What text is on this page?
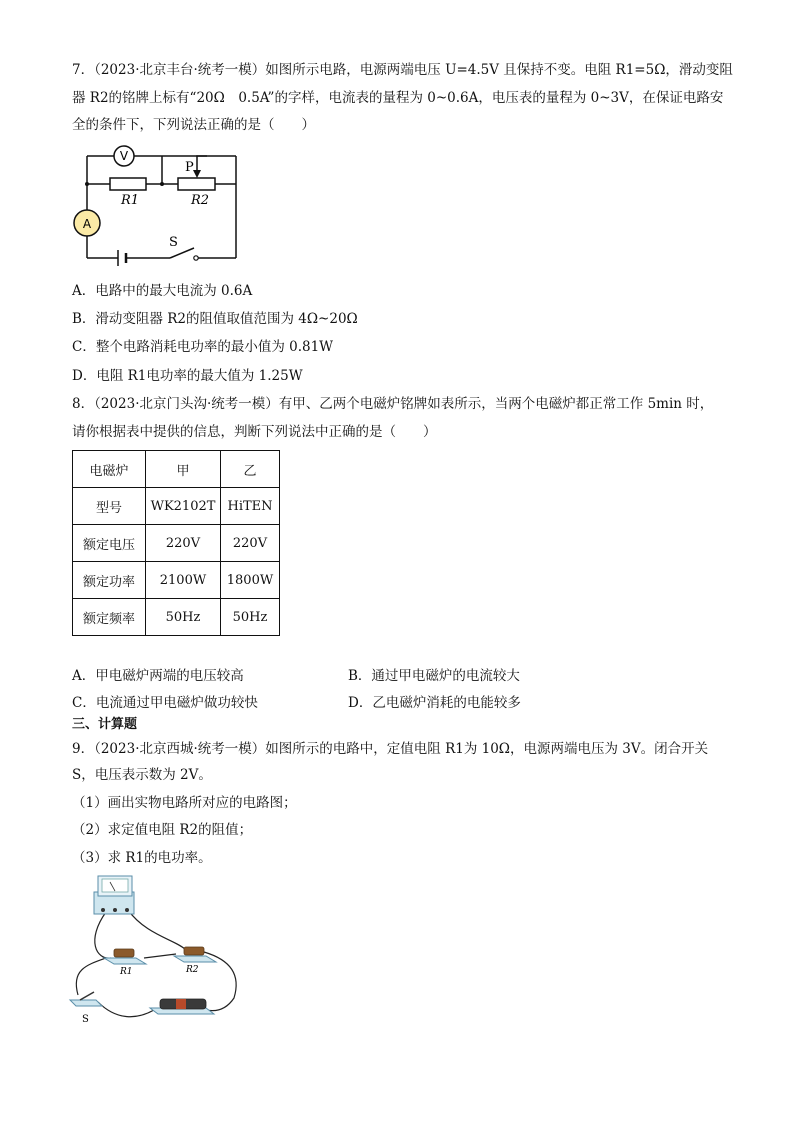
7．（2023·北京丰台·统考一模）如图所示电路，电源两端电压 U=4.5V 且保持不变。电阻 R1=5Ω，滑动变阻
器 R2的铭牌上标有“20Ω　0.5A”的字样，电流表的量程为 0~0.6A，电压表的量程为 0~3V，在保证电路安
全的条件下，下列说法正确的是（　　）
V
A
P
R1	R2
S
A．电路中的最大电流为 0.6A
B．滑动变阻器 R2的阻值取值范围为 4Ω~20Ω
C．整个电路消耗电功率的最小值为 0.81W
D．电阻 R1电功率的最大值为 1.25W
8．（2023·北京门头沟·统考一模）有甲、乙两个电磁炉铭牌如表所示，当两个电磁炉都正常工作 5min 时，
请你根据表中提供的信息，判断下列说法中正确的是（　　）
电磁炉	甲	乙
型号	WK2102T	HiTEN
额定电压	220V	220V
额定功率	2100W	1800W
额定频率	50Hz	50Hz
A．甲电磁炉两端的电压较高	B．通过甲电磁炉的电流较大
C．电流通过甲电磁炉做功较快	D．乙电磁炉消耗的电能较多
三、计算题
9．（2023·北京西城·统考一模）如图所示的电路中，定值电阻 R1为 10Ω，电源两端电压为 3V。闭合开关
S，电压表示数为 2V。
（1）画出实物电路所对应的电路图；
（2）求定值电阻 R2的阻值；
（3）求 R1的电功率。
R1	R2
S
